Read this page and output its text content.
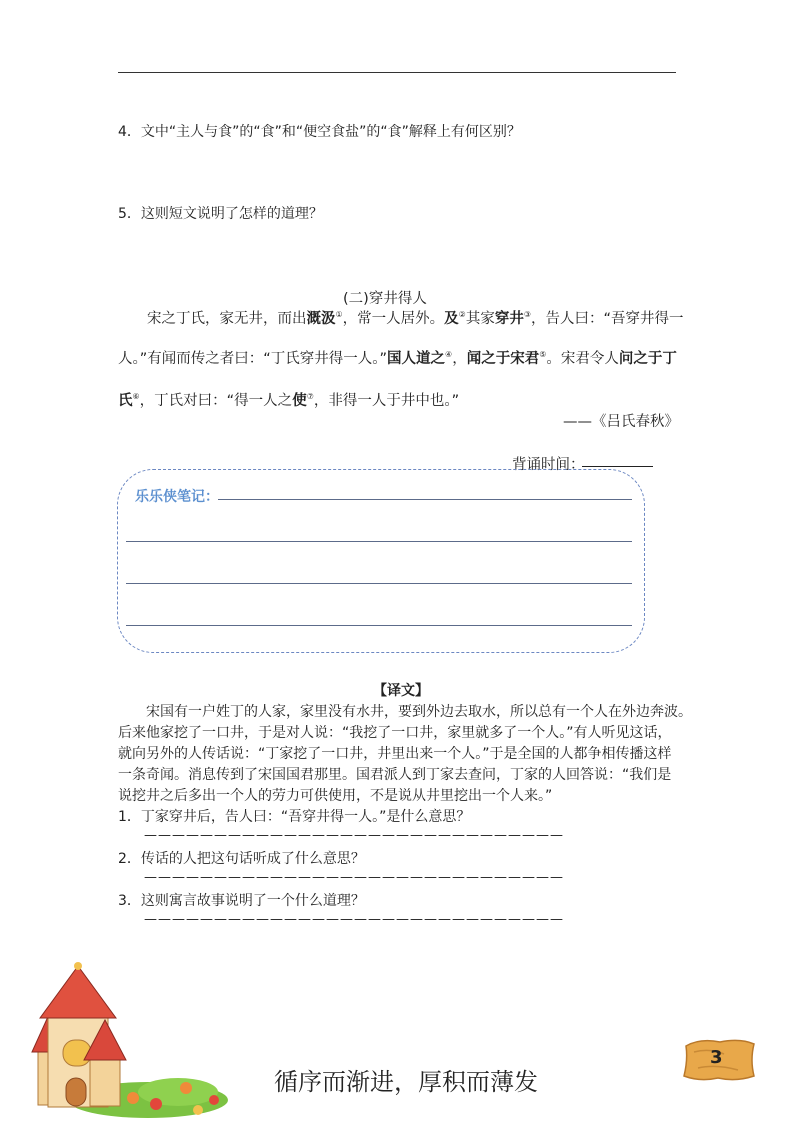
4．文中“主人与食”的“食”和“便空食盐”的“食”解释上有何区别？
5．这则短文说明了怎样的道理？
(二)穿井得人
宋之丁氏，家无井，而出溉汲①，常一人居外。及②其家穿井③，告人曰：“吾穿井得一
人。”有闻而传之者曰：“丁氏穿井得一人。”国人道之④，闻之于宋君⑤。宋君令人问之于丁
氏⑥，丁氏对曰：“得一人之使⑦，非得一人于井中也。”
——《吕氏春秋》
背诵时间：
乐乐侠笔记：
【译文】
宋国有一户姓丁的人家，家里没有水井，要到外边去取水，所以总有一个人在外边奔波。
后来他家挖了一口井，于是对人说：“我挖了一口井，家里就多了一个人。”有人听见这话，
就向另外的人传话说：“丁家挖了一口井，井里出来一个人。”于是全国的人都争相传播这样
一条奇闻。消息传到了宋国国君那里。国君派人到丁家去查问，丁家的人回答说：“我们是
说挖井之后多出一个人的劳力可供使用，不是说从井里挖出一个人来。”
1．丁家穿井后，告人曰：“吾穿井得一人。”是什么意思？
——————————————————————————————
2．传话的人把这句话听成了什么意思？
——————————————————————————————
3．这则寓言故事说明了一个什么道理？
——————————————————————————————
循序而渐进，厚积而薄发
3
